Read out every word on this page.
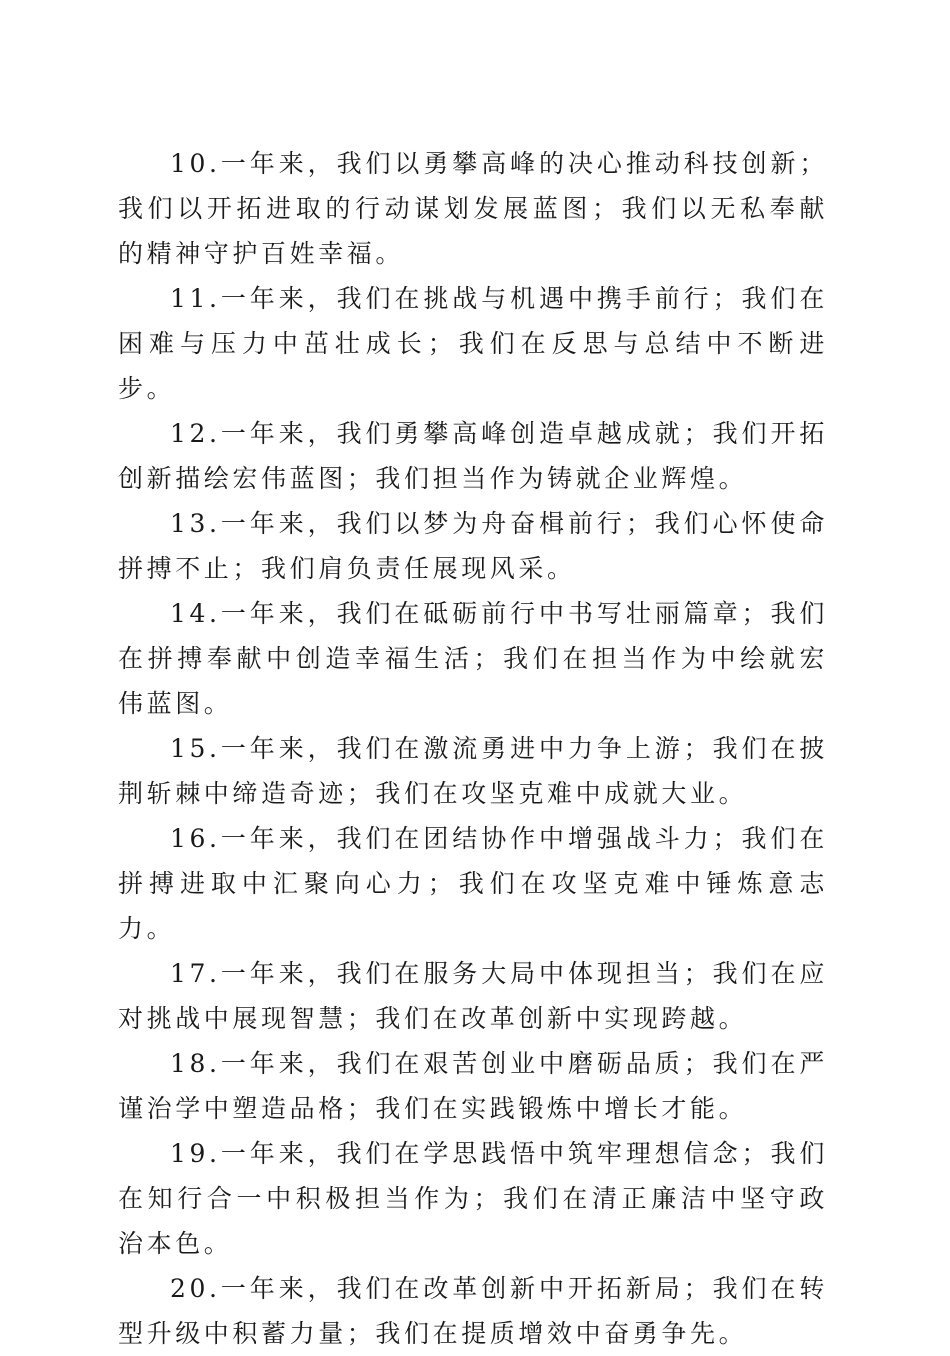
10.一年来，我们以勇攀高峰的决心推动科技创新；我们以开拓进取的行动谋划发展蓝图；我们以无私奉献的精神守护百姓幸福。

11.一年来，我们在挑战与机遇中携手前行；我们在困难与压力中茁壮成长；我们在反思与总结中不断进步。

12.一年来，我们勇攀高峰创造卓越成就；我们开拓创新描绘宏伟蓝图；我们担当作为铸就企业辉煌。

13.一年来，我们以梦为舟奋楫前行；我们心怀使命拼搏不止；我们肩负责任展现风采。

14.一年来，我们在砥砺前行中书写壮丽篇章；我们在拼搏奉献中创造幸福生活；我们在担当作为中绘就宏伟蓝图。

15.一年来，我们在激流勇进中力争上游；我们在披荆斩棘中缔造奇迹；我们在攻坚克难中成就大业。

16.一年来，我们在团结协作中增强战斗力；我们在拼搏进取中汇聚向心力；我们在攻坚克难中锤炼意志力。

17.一年来，我们在服务大局中体现担当；我们在应对挑战中展现智慧；我们在改革创新中实现跨越。

18.一年来，我们在艰苦创业中磨砺品质；我们在严谨治学中塑造品格；我们在实践锻炼中增长才能。

19.一年来，我们在学思践悟中筑牢理想信念；我们在知行合一中积极担当作为；我们在清正廉洁中坚守政治本色。

20.一年来，我们在改革创新中开拓新局；我们在转型升级中积蓄力量；我们在提质增效中奋勇争先。
